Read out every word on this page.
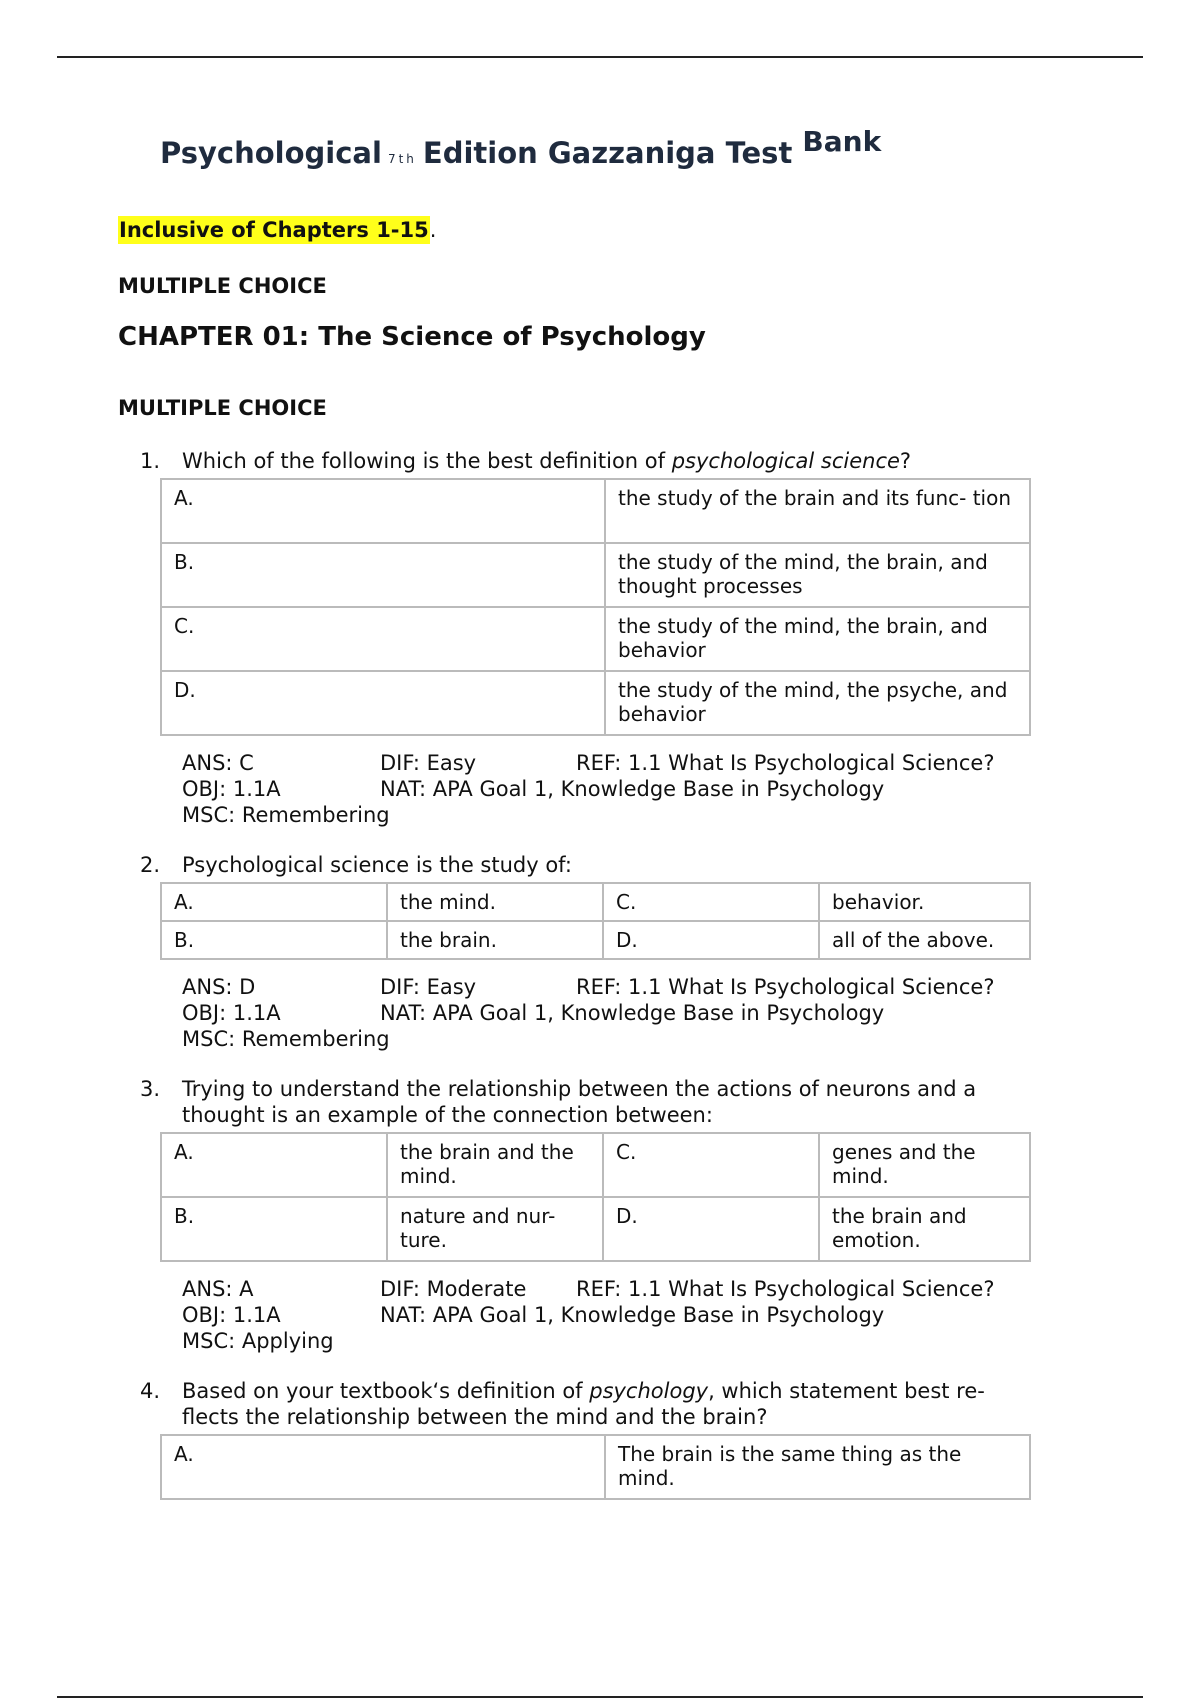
Psychological 7th Edition Gazzaniga Test Bank
Inclusive of Chapters 1-15.
MULTIPLE CHOICE
CHAPTER 01: The Science of Psychology
MULTIPLE CHOICE
1. Which of the following is the best definition of psychological science?
A.	the study of the brain and its func- tion
B.	the study of the mind, the brain, and thought processes
C.	the study of the mind, the brain, and behavior
D.	the study of the mind, the psyche, and behavior
ANS: C	DIF: Easy	REF: 1.1 What Is Psychological Science?
OBJ: 1.1A	NAT: APA Goal 1, Knowledge Base in Psychology
MSC: Remembering
2. Psychological science is the study of:
A.	the mind.	C.	behavior.
B.	the brain.	D.	all of the above.
ANS: D	DIF: Easy	REF: 1.1 What Is Psychological Science?
OBJ: 1.1A	NAT: APA Goal 1, Knowledge Base in Psychology
MSC: Remembering
3. Trying to understand the relationship between the actions of neurons and a
thought is an example of the connection between:
A.	the brain and the mind.	C.	genes and the mind.
B.	nature and nur- ture.	D.	the brain and emotion.
ANS: A	DIF: Moderate REF: 1.1 What Is Psychological Science?
OBJ: 1.1A	NAT: APA Goal 1, Knowledge Base in Psychology
MSC: Applying
4. Based on your textbook‘s definition of psychology, which statement best re-
flects the relationship between the mind and the brain?
A.	The brain is the same thing as the mind.
